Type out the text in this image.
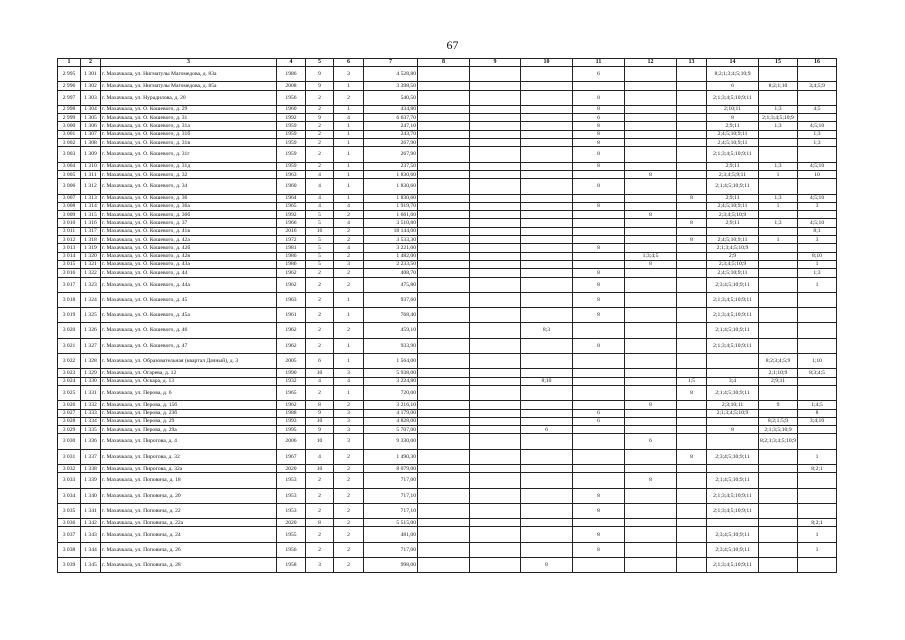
67
1	2	3	4	5	6	7	8	9	10	11	12	13	14	15	16
2 995	1 301	г. Махачкала, ул. Нигматулы Магомедова, д. 83а	1986	9	3	4 528,80				6			8;2;1;3;4;5;10;9		
2 996	1 302	г. Махачкала, ул. Нигматулы Магомедова, д. 85а	2008	9	1	3 398,50							6	8;2;1;10	3;4;5;9
2 997	1 303	г. Махачкала, ул. Нурадилова, д. 20	1956	2	2	540,50				8			2;1;3;4;5;10;9;11		
2 998	1 304	г. Махачкала, ул. О. Кошевого, д. 29	1960	2	1	434,80				8			2;10;11	1;3	4;5
2 999	1 305	г. Махачкала, ул. О. Кошевого, д. 31	1992	9	4	6 637,70				6			8	2;1;3;4;5;10;9	
3 000	1 306	г. Махачкала, ул. О. Кошевого, д. 31а	1959	2	1	247,10				8			2;9;11	1;3	4;5;10
3 001	1 307	г. Махачкала, ул. О. Кошевого, д. 31б	1959	2	1	243,70				8			2;4;5;10;9;11		1;3
3 002	1 308	г. Махачкала, ул. О. Кошевого, д. 31в	1959	2	1	267,90				8			2;4;5;10;9;11		1;3
3 003	1 309	г. Махачкала, ул. О. Кошевого, д. 31г	1959	2	1	267,90				8			2;1;3;4;5;10;9;11		
3 004	1 310	г. Махачкала, ул. О. Кошевого, д. 31д	1959	2	1	237,50				8			2;9;11	1;3	4;5;10
3 005	1 311	г. Махачкала, ул. О. Кошевого, д. 32	1963	4	1	1 830,60					8		2;3;4;5;9;11	1	10
3 006	1 312	г. Махачкала, ул. О. Кошевого, д. 34	1960	4	1	1 830,60				8			2;1;4;5;10;9;11		
3 007	1 313	г. Махачкала, ул. О. Кошевого, д. 36	1964	4	1	1 830,60						8	2;9;11	1;3	4;5;10
3 008	1 314	г. Махачкала, ул. О. Кошевого, д. 36а	1965	4	4	1 919,70				8			2;4;5;10;9;11	1	3
3 009	1 315	г. Махачкала, ул. О. Кошевого, д. 36б	1992	5	2	1 661,60					8		2;3;4;5;10;9		
3 010	1 316	г. Махачкала, ул. О. Кошевого, д. 37	1966	5	4	3 510,80						8	2;9;11	1;3	4;5;10
3 011	1 317	г. Махачкала, ул. О. Кошевого, д. 41в	2016	16	2	18 144,00									8;1
3 012	1 318	г. Махачкала, ул. О. Кошевого, д. 42а	1972	5	2	3 533,30						8	2;4;5;10;9;11	1	3
3 013	1 319	г. Махачкала, ул. О. Кошевого, д. 42б	1981	5	4	3 221,00				8			2;1;3;4;5;10;9		
3 014	1 320	г. Махачкала, ул. О. Кошевого, д. 42в	1986	5	2	1 482,00					1;3;4;5		2;9		8;10
3 015	1 321	г. Махачкала, ул. О. Кошевого, д. 43а	1986	5	3	2 233,50					8		2;3;4;5;10;9		1
3 016	1 322	г. Махачкала, ул. О. Кошевого, д. 44	1962	2	2	408,70				8			2;4;5;10;9;11		1;3
3 017	1 323	г. Махачкала, ул. О. Кошевого, д. 44а	1962	2	2	475,80				8			2;3;4;5;10;9;11		1
3 018	1 324	г. Махачкала, ул. О. Кошевого, д. 45	1963	2	1	937,60				8			2;1;3;4;5;10;9;11		
3 019	1 325	г. Махачкала, ул. О. Кошевого, д. 45а	1961	2	1	768,40				8			2;1;3;4;5;10;9;11		
3 020	1 326	г. Махачкала, ул. О. Кошевого, д. 46	1962	2	2	459,10			8;3				2;1;4;5;10;9;11		
3 021	1 327	г. Махачкала, ул. О. Кошевого, д. 47	1962	2	1	933,90				8			2;1;3;4;5;10;9;11		
3 022	1 328	г. Махачкала, ул. Образовательная (квартал Дачный), д. 3	2005	6	1	1 564,00								8;2;3;4;5;9	1;10
3 023	1 329	г. Махачкала, ул. Огарева, д. 12	1990	10	3	5 938,00								2;1;10;9	8;3;4;5
3 024	1 330	г. Махачкала, ул. Оскара, д. 13	1932	4	4	3 224,80			8;10			1;5	3;4	2;9;11	
3 025	1 331	г. Махачкала, ул. Перова, д. 6	1965	2	1	720,00						8	2;1;4;5;10;9;11		
3 026	1 332	г. Махачкала, ул. Перова, д. 15б	1962	8	2	3 216,10					8		2;3;10;11	9	1;4;5
3 027	1 333	г. Махачкала, ул. Перова, д. 23б	1988	9	3	4 179,00				6			2;1;3;4;5;10;9		8
3 028	1 334	г. Махачкала, ул. Перова, д. 29	1993	10	3	4 828,00				6				8;2;1;5;9	3;4;10
3 029	1 335	г. Махачкала, ул. Перова, д. 29а	1995	9	3	5 707,00			6				8	2;1;3;5;10;9	
3 030	1 336	г. Махачкала, ул. Пирогова, д. 4	2006	10	3	9 330,00					6			8;2;1;3;4;5;10;9	
3 031	1 337	г. Махачкала, ул. Пирогова, д. 32	1967	4	2	1 490,30						8	2;3;4;5;10;9;11		1
3 032	1 338	г. Махачкала, ул. Пирогова, д. 32а	2020	10	2	8 079,00									8;2;1
3 033	1 339	г. Махачкала, ул. Поповича, д. 18	1953	2	2	717,00					8		2;1;4;5;10;9;11		
3 034	1 340	г. Махачкала, ул. Поповича, д. 20	1953	2	2	717,10				8			2;1;3;4;5;10;9;11		
3 035	1 341	г. Махачкала, ул. Поповича, д. 22	1953	2	2	717,10				8			2;1;3;4;5;10;9;11		
3 036	1 342	г. Махачкала, ул. Поповича, д. 22а	2020	8	2	5 515,00									8;2;1
3 037	1 343	г. Махачкала, ул. Поповича, д. 24	1955	2	2	481,00				8			2;3;4;5;10;9;11		1
3 038	1 344	г. Махачкала, ул. Поповича, д. 26	1956	2	2	717,00				8			2;3;4;5;10;9;11		1
3 039	1 345	г. Махачкала, ул. Поповича, д. 28	1958	3	2	998,00			8				2;1;3;4;5;10;9;11		
